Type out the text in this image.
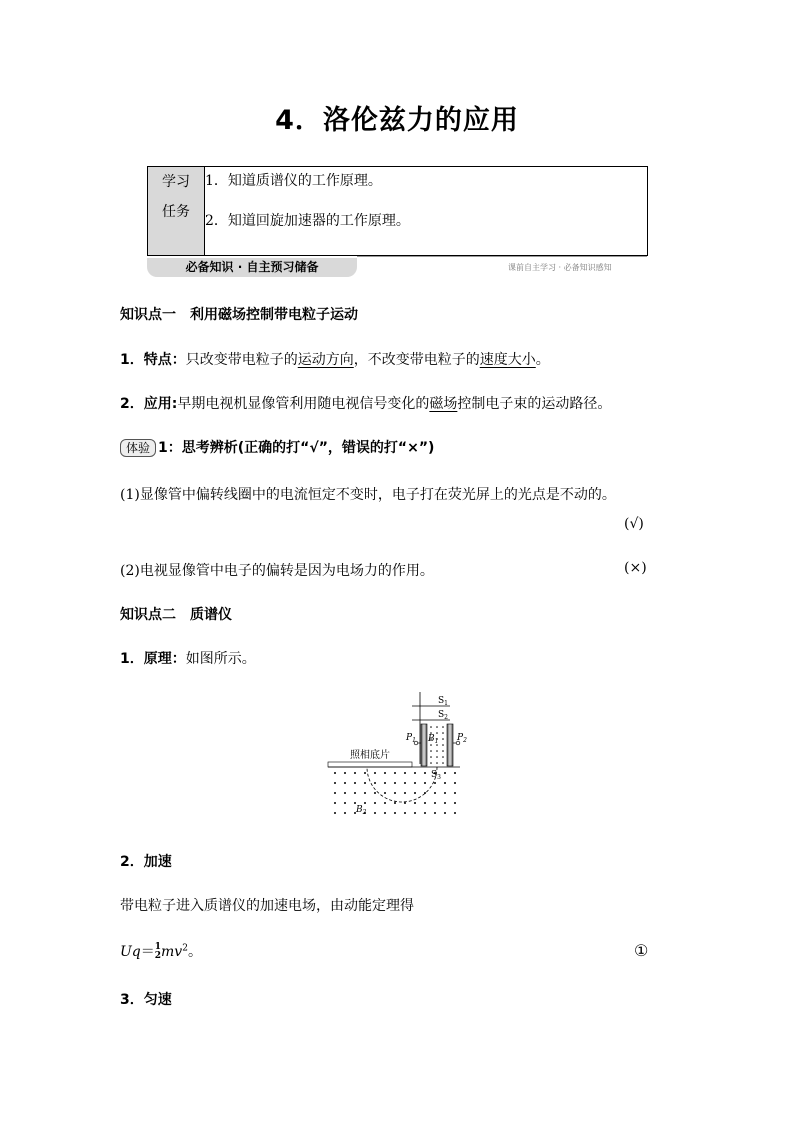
4．洛伦兹力的应用
学习
任务

1．知道质谱仪的工作原理。
2．知道回旋加速器的工作原理。
必备知识 · 自主预习储备	课前自主学习 · 必备知识感知
知识点一　利用磁场控制带电粒子运动
1．特点：只改变带电粒子的运动方向，不改变带电粒子的速度大小。
2．应用:早期电视机显像管利用随电视信号变化的磁场控制电子束的运动路径。
体验 1：思考辨析(正确的打“√”，错误的打“×”)
(1)显像管中偏转线圈中的电流恒定不变时，电子打在荧光屏上的光点是不动的。
(√)
(2)电视显像管中电子的偏转是因为电场力的作用。	(×)
知识点二　质谱仪
1．原理：如图所示。
$S_1$
$S_2$
$P_1$	$P_2$
$B_1$
照相底片
$B_2$
2．加速
带电粒子进入质谱仪的加速电场，由动能定理得
Uq＝ 1
2 $mv^2$。	①
3．匀速
